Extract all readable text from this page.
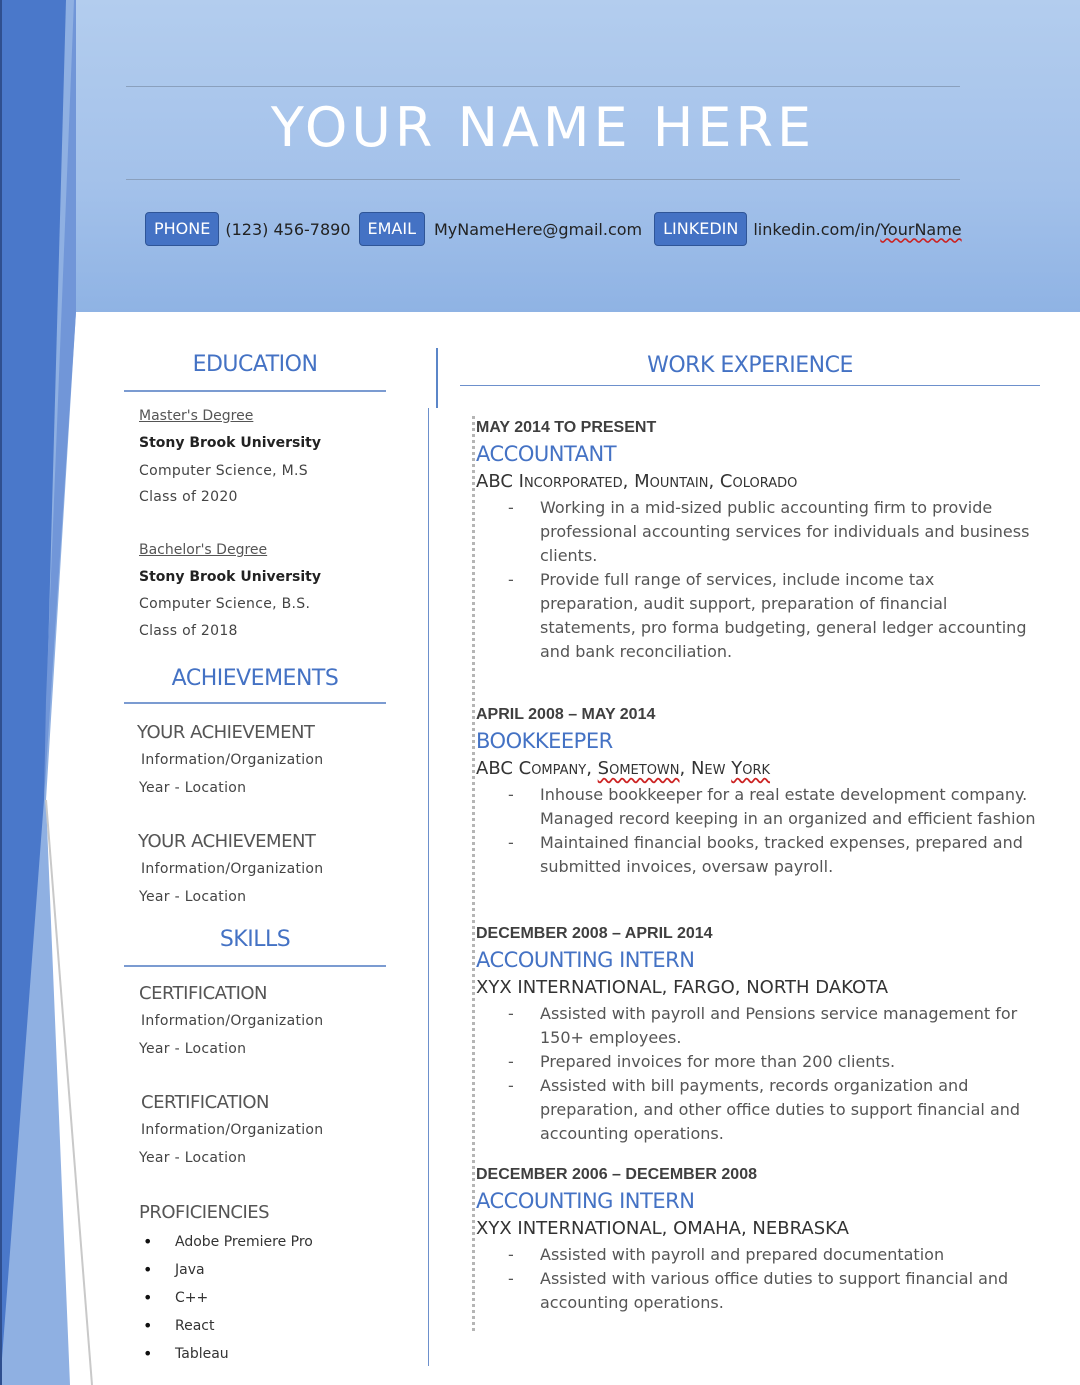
YOUR NAME HERE
PHONE (123) 456-7890	EMAIL	MyNameHere@gmail.com	LINKEDIN linkedin.com/in/YourName
EDUCATION
Master's Degree
Stony Brook University
Computer Science, M.S
Class of 2020
Bachelor's Degree
Stony Brook University
Computer Science, B.S.
Class of 2018
ACHIEVEMENTS
YOUR ACHIEVEMENT
Information/Organization
Year - Location
YOUR ACHIEVEMENT
Information/Organization
Year - Location
SKILLS
CERTIFICATION
Information/Organization
Year - Location
CERTIFICATION
Information/Organization
Year - Location
PROFICIENCIES
• Adobe Premiere Pro
• Java
• C++
• React
• Tableau
WORK EXPERIENCE
MAY 2014 TO PRESENT
ACCOUNTANT
ABC Incorporated, Mountain, Colorado
- Working in a mid-sized public accounting firm to provide professional accounting services for individuals and business clients.
- Provide full range of services, include income tax preparation, audit support, preparation of financial statements, pro forma budgeting, general ledger accounting and bank reconciliation.
APRIL 2008 – MAY 2014
BOOKKEEPER
ABC Company, Sometown, New York
- Inhouse bookkeeper for a real estate development company. Managed record keeping in an organized and efficient fashion
- Maintained financial books, tracked expenses, prepared and submitted invoices, oversaw payroll.
DECEMBER 2008 – APRIL 2014
ACCOUNTING INTERN
XYX INTERNATIONAL, FARGO, NORTH DAKOTA
- Assisted with payroll and Pensions service management for 150+ employees.
- Prepared invoices for more than 200 clients.
- Assisted with bill payments, records organization and preparation, and other office duties to support financial and accounting operations.
DECEMBER 2006 – DECEMBER 2008
ACCOUNTING INTERN
XYX INTERNATIONAL, OMAHA, NEBRASKA
- Assisted with payroll and prepared documentation
- Assisted with various office duties to support financial and accounting operations.
